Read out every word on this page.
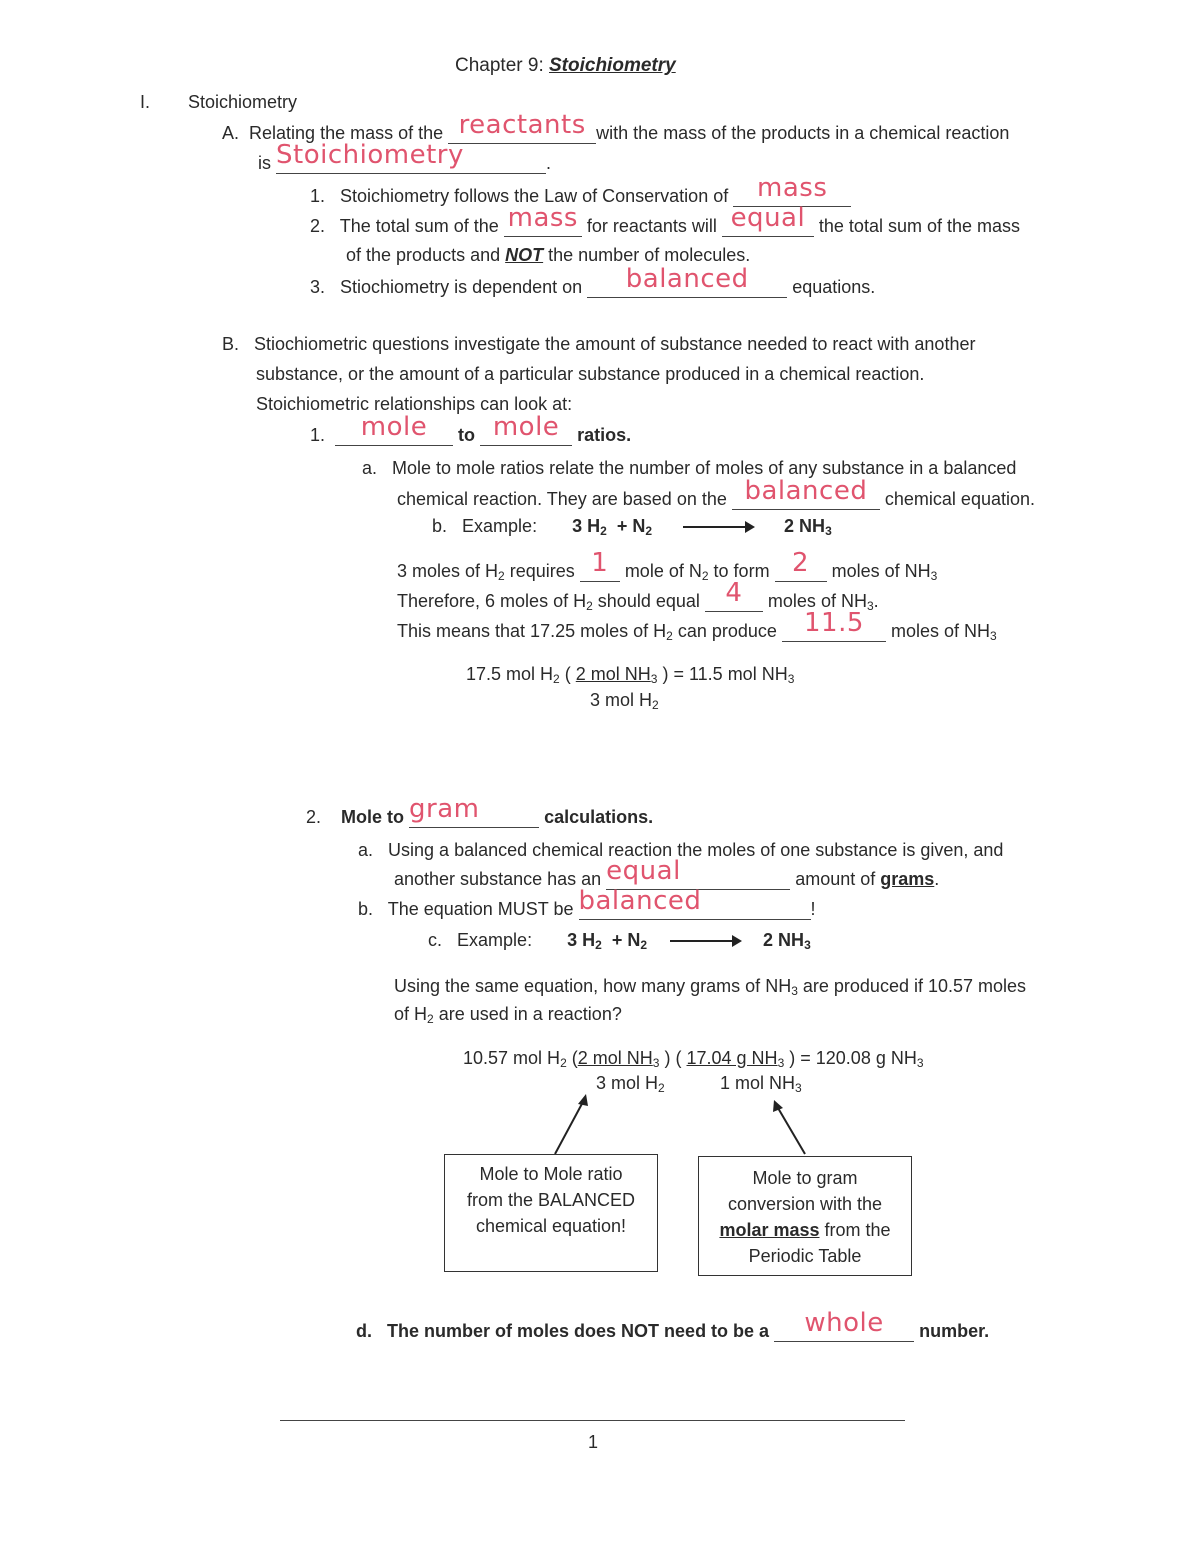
Chapter 9: Stoichiometry
I. Stoichiometry
A. Relating the mass of the reactants with the mass of the products in a chemical reaction
is Stoichiometry	.
1. Stoichiometry follows the Law of Conservation of mass
2. The total sum of the mass for reactants will equal the total sum of the mass
of the products and NOT the number of molecules.
3. Stiochiometry is dependent on balanced equations.
B. Stiochiometric questions investigate the amount of substance needed to react with another
substance, or the amount of a particular substance produced in a chemical reaction.
Stoichiometric relationships can look at:
1. mole to mole ratios.
a. Mole to mole ratios relate the number of moles of any substance in a balanced
chemical reaction. They are based on the balanced chemical equation.
b. Example: 3 $H_2 + N_2$	2 $NH_3$
3 moles of $H_2$ requires 1 mole of $N_2$ to form 2 moles of $NH_3$
Therefore, 6 moles of $H_2$ should equal 4 moles of $NH_3$.
This means that 17.25 moles of $H_2$ can produce 11.5 moles of $NH_3$
17.5 mol $H_2$ ( 2 mol $NH_3$ ) = 11.5 mol $NH_3$
3 mol $H_2$
2. Mole to gram	calculations.
a. Using a balanced chemical reaction the moles of one substance is given, and
another substance has an equal	amount of grams.
b. The equation MUST be balanced	!
c. Example: 3 $H_2 + N_2 \to 2$ $NH_3$
Using the same equation, how many grams of $NH_3$ are produced if 10.57 moles
of $H_2$ are used in a reaction?
10.57 mol $H_2$ (2 mol $NH_3$ ) ( 17.04 g $NH_3$ ) = 120.08 g $NH_3$
3 mol $H_2$	1 mol $NH_3$
Mole to Mole ratio
from the BALANCED
chemical equation!
Mole to gram
conversion with the
molar mass from the
Periodic Table
d. The number of moles does NOT need to be a whole number.
1
